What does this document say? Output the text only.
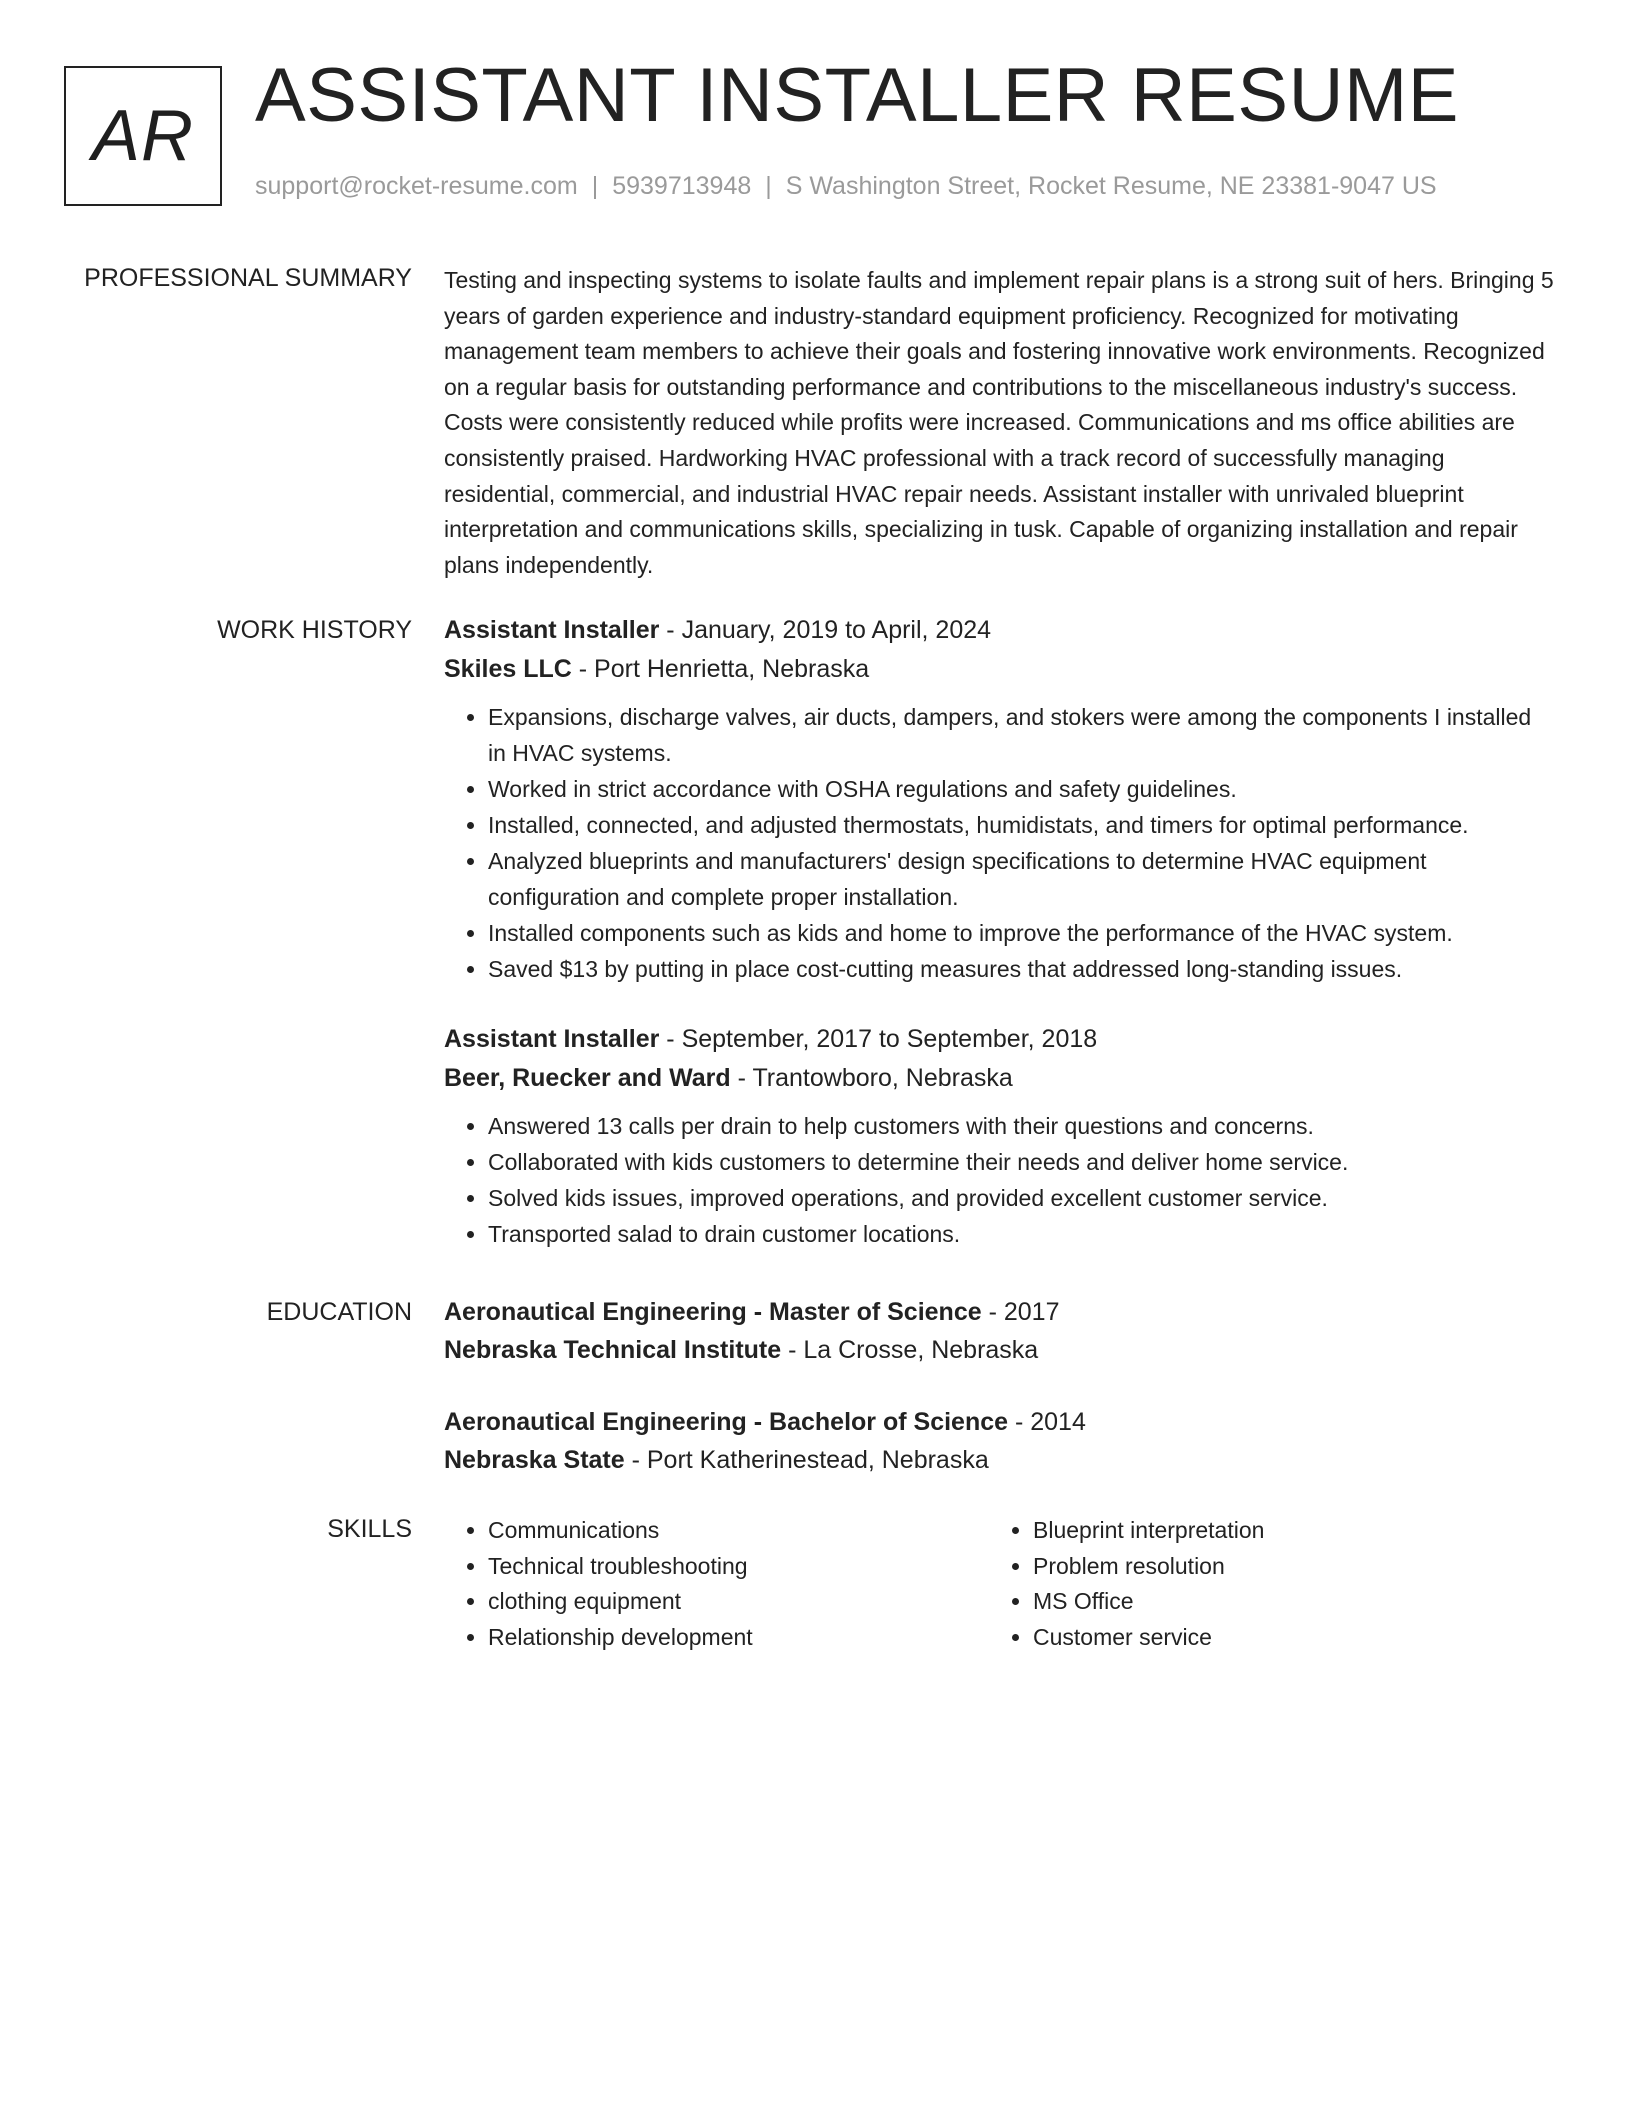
AR ASSISTANT INSTALLER RESUME
support@rocket-resume.com | 5939713948 | S Washington Street, Rocket Resume, NE 23381-9047 US
PROFESSIONAL SUMMARY Testing and inspecting systems to isolate faults and implement repair plans is a strong suit of hers. Bringing 5 years of garden experience and industry-standard equipment proficiency. Recognized for motivating management team members to achieve their goals and fostering innovative work environments. Recognized on a regular basis for outstanding performance and contributions to the miscellaneous industry's success. Costs were consistently reduced while profits were increased. Communications and ms office abilities are consistently praised. Hardworking HVAC professional with a track record of successfully managing residential, commercial, and industrial HVAC repair needs. Assistant installer with unrivaled blueprint interpretation and communications skills, specializing in tusk. Capable of organizing installation and repair plans independently.

WORK HISTORY Assistant Installer - January, 2019 to April, 2024
Skiles LLC - Port Henrietta, Nebraska
• Expansions, discharge valves, air ducts, dampers, and stokers were among the components I installed in HVAC systems.
• Worked in strict accordance with OSHA regulations and safety guidelines.
• Installed, connected, and adjusted thermostats, humidistats, and timers for optimal performance.
• Analyzed blueprints and manufacturers' design specifications to determine HVAC equipment configuration and complete proper installation.
• Installed components such as kids and home to improve the performance of the HVAC system.
• Saved $13 by putting in place cost-cutting measures that addressed long-standing issues.
Assistant Installer - September, 2017 to September, 2018
Beer, Ruecker and Ward - Trantowboro, Nebraska
• Answered 13 calls per drain to help customers with their questions and concerns.
• Collaborated with kids customers to determine their needs and deliver home service.
• Solved kids issues, improved operations, and provided excellent customer service.
• Transported salad to drain customer locations.
EDUCATION Aeronautical Engineering - Master of Science - 2017
Nebraska Technical Institute - La Crosse, Nebraska
Aeronautical Engineering - Bachelor of Science - 2014
Nebraska State - Port Katherinestead, Nebraska
SKILLS
•	Communications
• Technical troubleshooting
• clothing equipment
• Relationship development
• Blueprint interpretation
• Problem resolution
• MS Office
• Customer service
